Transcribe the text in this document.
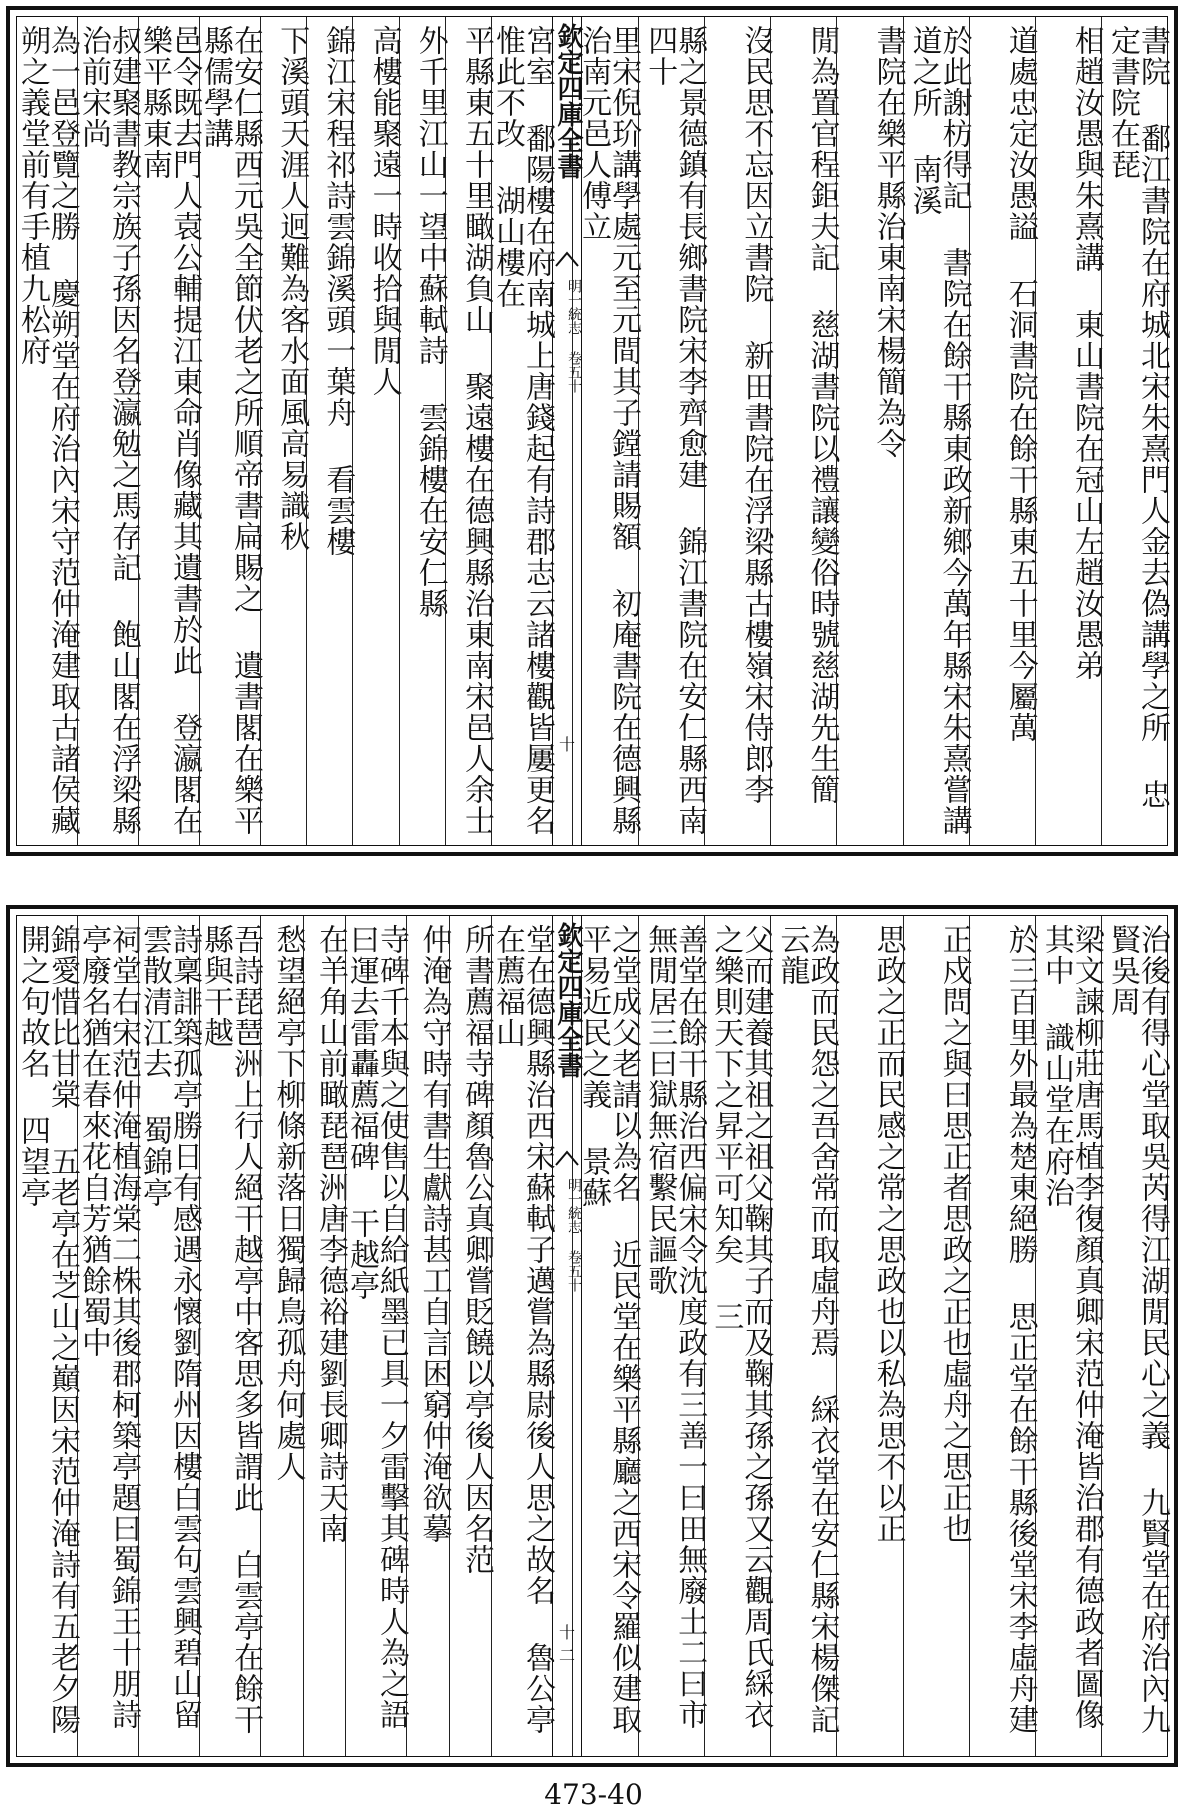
書院 鄱江書院在府城北宋朱熹門人金去偽講學之所 忠定書院在琵
相趙汝愚與朱熹講 東山書院在冠山左趙汝愚弟
道處忠定汝愚謚 石洞書院在餘干縣東五十里今屬萬
於此謝枋得記 書院在餘干縣東政新鄉今萬年縣宋朱熹嘗講道之所 南溪
書院在樂平縣治東南宋楊簡為令
閒為置官程鉅夫記 慈湖書院以禮讓變俗時號慈湖先生簡
沒民思不忘因立書院 新田書院在浮梁縣古樓嶺宋侍郎李
縣之景德鎮有長鄉書院宋李齊愈建 錦江書院在安仁縣西南四十
里宋倪玠講學處元至元間其子鏜請賜額 初庵書院在德興縣治南元邑人傅立
欽定四庫全書
明一統志 卷五十
十
宮室 鄱陽樓在府南城上唐錢起有詩郡志云諸樓觀皆屢更名惟此不改 湖山樓在
平縣東五十里瞰湖負山 聚遠樓在德興縣治東南宋邑人余士
外千里江山一望中蘇軾詩 雲錦樓在安仁縣
高樓能聚遠一時收拾與閒人
錦江宋程祁詩雲錦溪頭一葉舟 看雲樓
下溪頭天涯人迥難為客水面風高易識秋
在安仁縣西元吳全節伏老之所順帝書扁賜之 遺書閣在樂平縣儒學講
邑令既去門人袁公輔提江東命肖像藏其遺書於此 登瀛閣在樂平縣東南
叔建聚書教宗族子孫因名登瀛勉之馬存記 飽山閣在浮梁縣治前宋尚
為一邑登覽之勝 慶朔堂在府治內宋守范仲淹建取古諸侯藏朔之義堂前有手植九松府
治後有得心堂取吳芮得江湖閒民心之義 九賢堂在府治內九賢吳周
梁文諫柳莊唐馬植李復顏真卿宋范仲淹皆治郡有德政者圖像其中 識山堂在府治
於三百里外最為楚東絕勝 思正堂在餘干縣後堂宋李虛舟建
正戍問之與曰思正者思政之正也虛舟之思正也
思政之正而民感之常之思政也以私為思不以正
為政而民怨之吾舍常而取虛舟焉 綵衣堂在安仁縣宋楊傑記云龍
父而建養其祖之祖父鞠其子而及鞠其孫之孫又云觀周氏綵衣之樂則天下之昇平可知矣 三
善堂在餘干縣治西偏宋令沈度政有三善一曰田無廢土二曰市無閒居三曰獄無宿繫民謳歌
之堂成父老請以為名 近民堂在樂平縣廳之西宋令羅似建取平易近民之義 景蘇
欽定四庫全書
明一統志 卷五十
十二
堂在德興縣治西宋蘇軾子邁嘗為縣尉後人思之故名 魯公亭在薦福山
所書薦福寺碑顏魯公真卿嘗貶饒以亭後人因名范
仲淹為守時有書生獻詩甚工自言困窮仲淹欲摹
寺碑千本與之使售以自給紙墨已具一夕雷擊其碑時人為之語曰運去雷轟薦福碑 干越亭
在羊角山前瞰琵琶洲唐李德裕建劉長卿詩天南
愁望絕亭下柳條新落日獨歸鳥孤舟何處人
吾詩琵琶洲上行人絕干越亭中客思多皆謂此 白雲亭在餘干縣與干越
詩稟誹築孤亭勝日有感遇永懷劉隋州因樓白雲句雲興碧山留雲散清江去 蜀錦亭
祠堂右宋范仲淹植海棠二株其後郡柯築亭題曰蜀錦王十朋詩亭廢名猶在春來花自芳猶餘蜀中
錦愛惜比甘棠 五老亭在芝山之巔因宋范仲淹詩有五老夕陽開之句故名 四望亭
473-40
